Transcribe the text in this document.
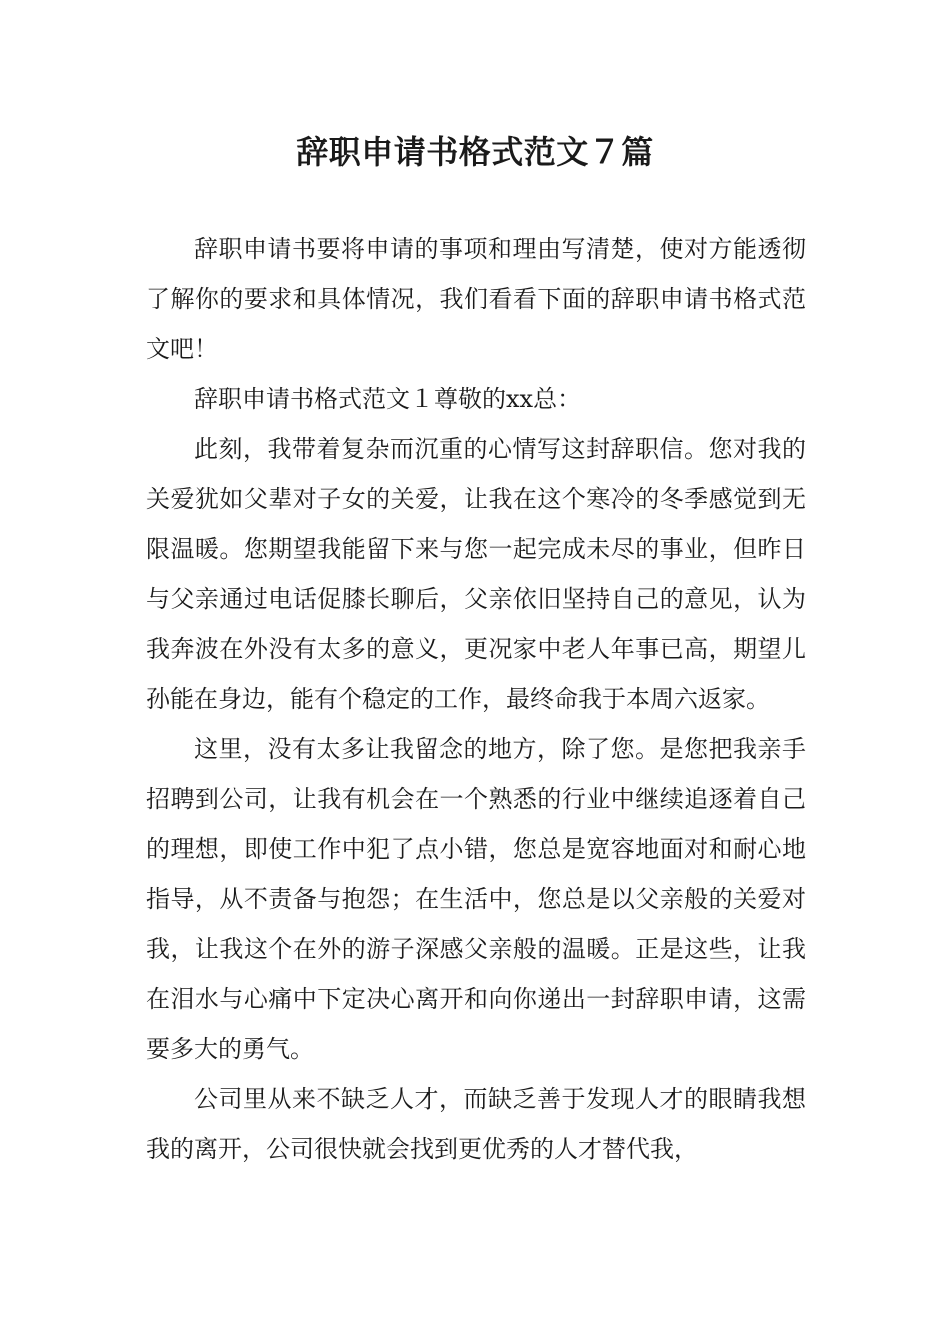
辞职申请书格式范文７篇

辞职申请书要将申请的事项和理由写清楚，使对方能透彻了解你的要求和具体情况，我们看看下面的辞职申请书格式范文吧！

辞职申请书格式范文１尊敬的xx总：

此刻，我带着复杂而沉重的心情写这封辞职信。您对我的关爱犹如父辈对子女的关爱，让我在这个寒冷的冬季感觉到无限温暖。您期望我能留下来与您一起完成未尽的事业，但昨日与父亲通过电话促膝长聊后，父亲依旧坚持自己的意见，认为我奔波在外没有太多的意义，更况家中老人年事已高，期望儿孙能在身边，能有个稳定的工作，最终命我于本周六返家。

这里，没有太多让我留念的地方，除了您。是您把我亲手招聘到公司，让我有机会在一个熟悉的行业中继续追逐着自己的理想，即使工作中犯了点小错，您总是宽容地面对和耐心地指导，从不责备与抱怨；在生活中，您总是以父亲般的关爱对我，让我这个在外的游子深感父亲般的温暖。正是这些，让我在泪水与心痛中下定决心离开和向你递出一封辞职申请，这需要多大的勇气。

公司里从来不缺乏人才，而缺乏善于发现人才的眼睛我想我的离开，公司很快就会找到更优秀的人才替代我，
